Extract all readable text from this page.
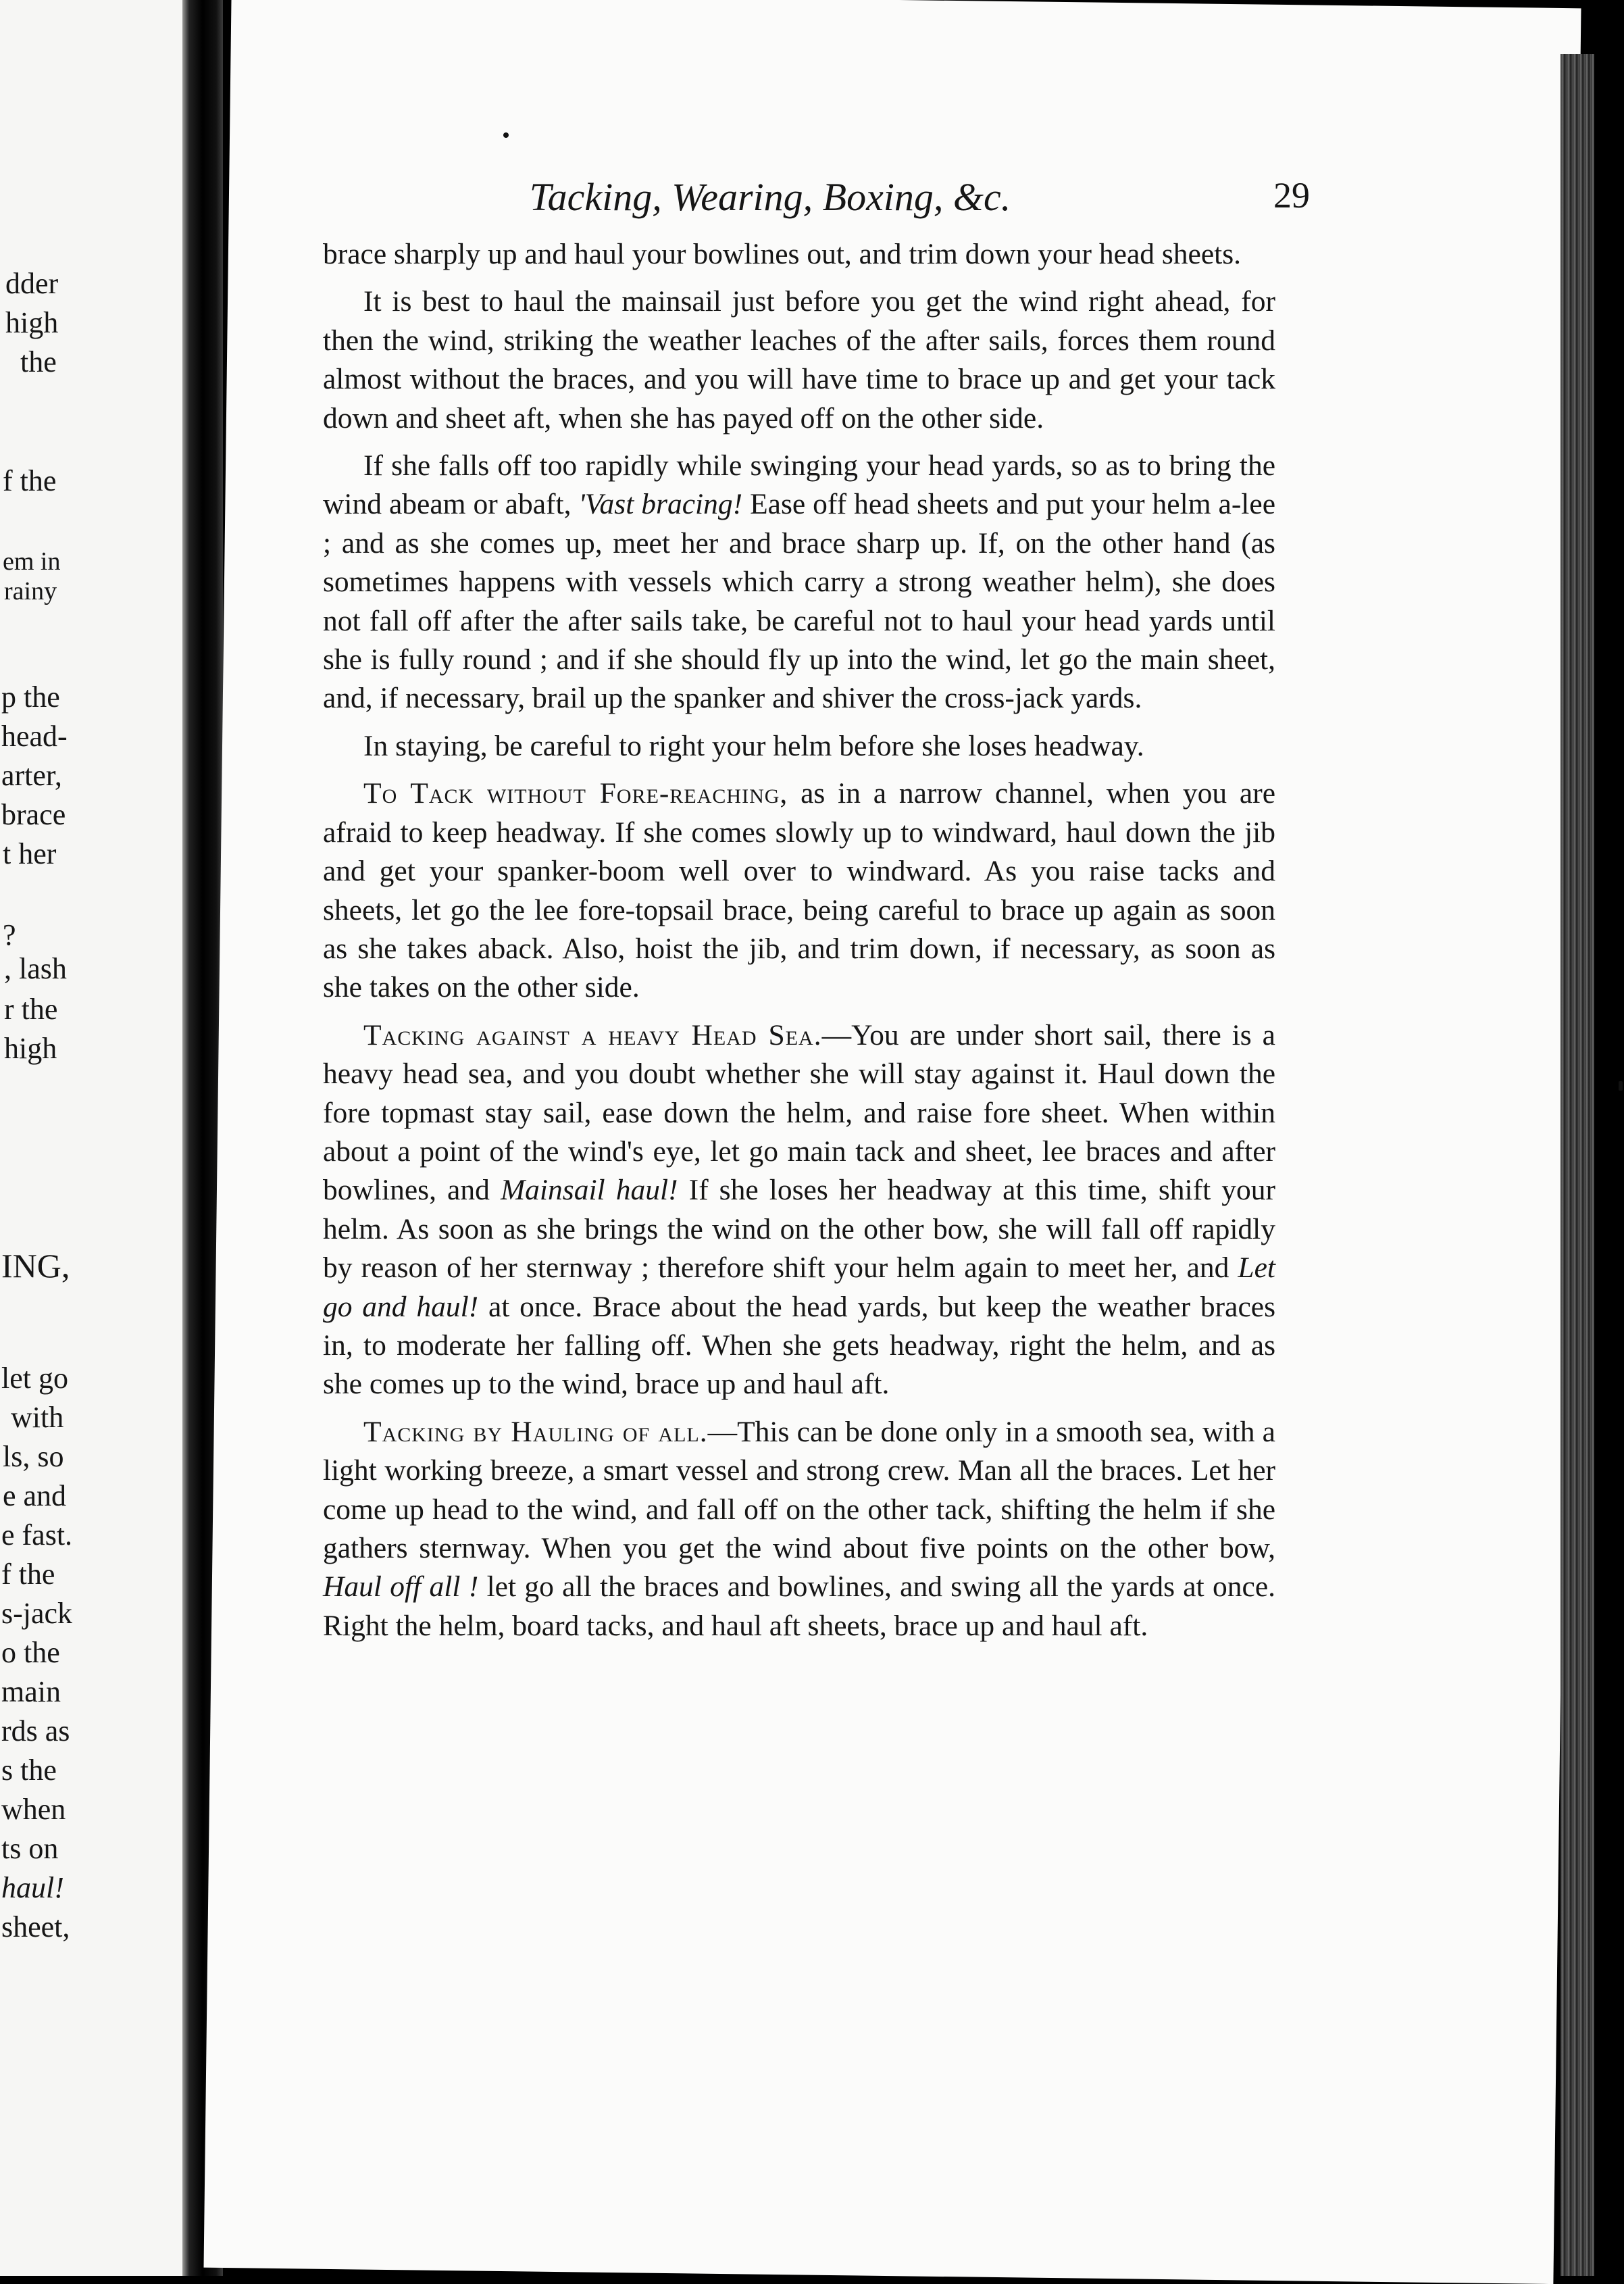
dder
high
the
f the
em in
rainy
p the
head-
arter,
brace
t her
?
, lash
r the
high
ING,
let go
with
ls, so
e and
e fast.
f the
s-jack
o the
main
rds as
s the
when
ts on
haul!
sheet,
Tacking, Wearing, Boxing, &c.	29

brace sharply up and haul your bowlines out, and trim down your head sheets.

It is best to haul the mainsail just before you get the wind right ahead, for then the wind, striking the weather leaches of the after sails, forces them round almost without the braces, and you will have time to brace up and get your tack down and sheet aft, when she has payed off on the other side.

If she falls off too rapidly while swinging your head yards, so as to bring the wind abeam or abaft, 'Vast bracing! Ease off head sheets and put your helm a-lee ; and as she comes up, meet her and brace sharp up. If, on the other hand (as sometimes happens with vessels which carry a strong weather helm), she does not fall off after the after sails take, be careful not to haul your head yards until she is fully round ; and if she should fly up into the wind, let go the main sheet, and, if necessary, brail up the spanker and shiver the cross-jack yards.

In staying, be careful to right your helm before she loses headway.

To Tack without Fore-reaching, as in a narrow channel, when you are afraid to keep headway. If she comes slowly up to windward, haul down the jib and get your spanker-boom well over to windward. As you raise tacks and sheets, let go the lee fore-topsail brace, being careful to brace up again as soon as she takes aback. Also, hoist the jib, and trim down, if necessary, as soon as she takes on the other side.

Tacking against a heavy Head Sea.—You are under short sail, there is a heavy head sea, and you doubt whether she will stay against it. Haul down the fore topmast stay sail, ease down the helm, and raise fore sheet. When within about a point of the wind's eye, let go main tack and sheet, lee braces and after bowlines, and Mainsail haul! If she loses her headway at this time, shift your helm. As soon as she brings the wind on the other bow, she will fall off rapidly by reason of her sternway ; therefore shift your helm again to meet her, and Let go and haul! at once. Brace about the head yards, but keep the weather braces in, to moderate her falling off. When she gets headway, right the helm, and as she comes up to the wind, brace up and haul aft.

Tacking by Hauling of all.—This can be done only in a smooth sea, with a light working breeze, a smart vessel and strong crew. Man all the braces. Let her come up head to the wind, and fall off on the other tack, shifting the helm if she gathers sternway. When you get the wind about five points on the other bow, Haul off all ! let go all the braces and bowlines, and swing all the yards at once. Right the helm, board tacks, and haul aft sheets, brace up and haul aft.
